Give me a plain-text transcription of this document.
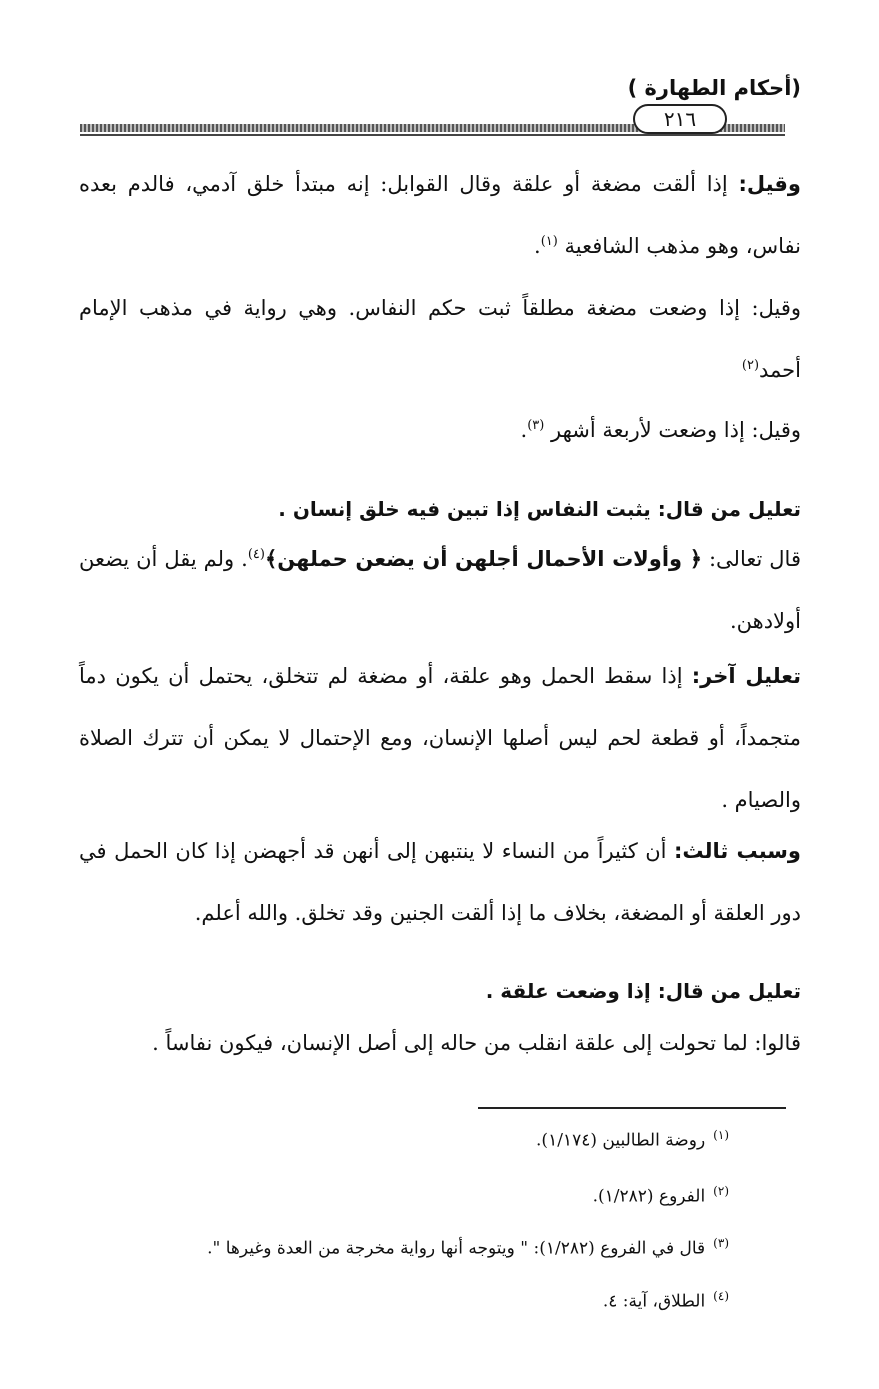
(أحكام الطهارة )
٢١٦
وقيل: إذا ألقت مضغة أو علقة وقال القوابل: إنه مبتدأ خلق آدمي، فالدم بعده نفاس، وهو مذهب الشافعية $^{(١)}$.
وقيل: إذا وضعت مضغة مطلقاً ثبت حكم النفاس. وهي رواية في مذهب الإمام أحمد$^{(٢)}$
وقيل: إذا وضعت لأربعة أشهر $^{(٣)}$.
تعليل من قال: يثبت النفاس إذا تبين فيه خلق إنسان .
قال تعالى: ﴿ وأولات الأحمال أجلهن أن يضعن حملهن﴾$^{(٤)}$. ولم يقل أن يضعن أولادهن.
تعليل آخر: إذا سقط الحمل وهو علقة، أو مضغة لم تتخلق، يحتمل أن يكون دماً متجمداً، أو قطعة لحم ليس أصلها الإنسان، ومع الإحتمال لا يمكن أن تترك الصلاة والصيام .
وسبب ثالث: أن كثيراً من النساء لا ينتبهن إلى أنهن قد أجهضن إذا كان الحمل في دور العلقة أو المضغة، بخلاف ما إذا ألقت الجنين وقد تخلق. والله أعلم.
تعليل من قال: إذا وضعت علقة .
قالوا: لما تحولت إلى علقة انقلب من حاله إلى أصل الإنسان، فيكون نفاساً .
$^{(١)}$روضة الطالبين (١/١٧٤).
$^{(٢)}$الفروع (١/٢٨٢).
$^{(٣)}$قال في الفروع (١/٢٨٢): " ويتوجه أنها رواية مخرجة من العدة وغيرها ".
$^{(٤)}$الطلاق، آية: ٤.
